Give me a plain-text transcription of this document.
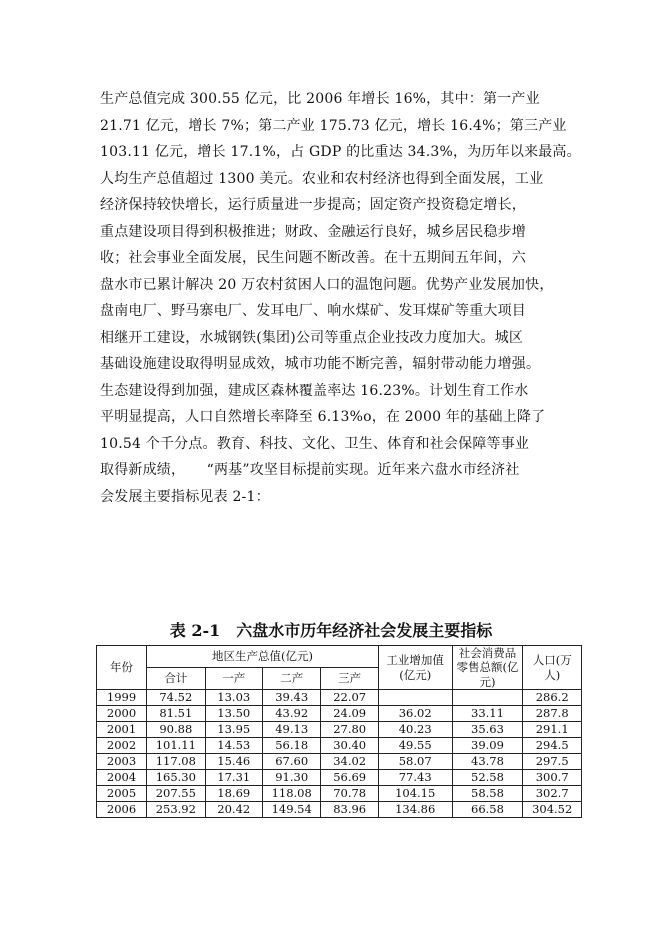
生产总值完成 300.55 亿元，比 2006 年增长 16%，其中：第一产业
21.71 亿元，增长 7%；第二产业 175.73 亿元，增长 16.4%；第三产业
103.11 亿元，增长 17.1%，占 GDP 的比重达 34.3%，为历年以来最高。
人均生产总值超过 1300 美元。农业和农村经济也得到全面发展，工业
经济保持较快增长，运行质量进一步提高；固定资产投资稳定增长，
重点建设项目得到积极推进；财政、金融运行良好，城乡居民稳步增
收；社会事业全面发展，民生问题不断改善。在十五期间五年间，六
盘水市已累计解决 20 万农村贫困人口的温饱问题。优势产业发展加快，
盘南电厂、野马寨电厂、发耳电厂、响水煤矿、发耳煤矿等重大项目
相继开工建设，水城钢铁(集团)公司等重点企业技改力度加大。城区
基础设施建设取得明显成效，城市功能不断完善，辐射带动能力增强。
生态建设得到加强，建成区森林覆盖率达 16.23%。计划生育工作水
平明显提高，人口自然增长率降至 6.13%o，在 2000 年的基础上降了
10.54 个千分点。教育、科技、文化、卫生、体育和社会保障等事业
取得新成绩，　　“两基”攻坚目标提前实现。近年来六盘水市经济社
会发展主要指标见表 2-1：
表 2-1 六盘水市历年经济社会发展主要指标
年份	地区生产总值(亿元)				工业增加值(亿元)	社会消费品零售总额(亿元)	人口(万人)
	合计	一产	二产	三产			
1999	74.52	13.03	39.43	22.07			286.2
2000	81.51	13.50	43.92	24.09	36.02	33.11	287.8
2001	90.88	13.95	49.13	27.80	40.23	35.63	291.1
2002	101.11	14.53	56.18	30.40	49.55	39.09	294.5
2003	117.08	15.46	67.60	34.02	58.07	43.78	297.5
2004	165.30	17.31	91.30	56.69	77.43	52.58	300.7
2005	207.55	18.69	118.08	70.78	104.15	58.58	302.7
2006	253.92	20.42	149.54	83.96	134.86	66.58	304.52
